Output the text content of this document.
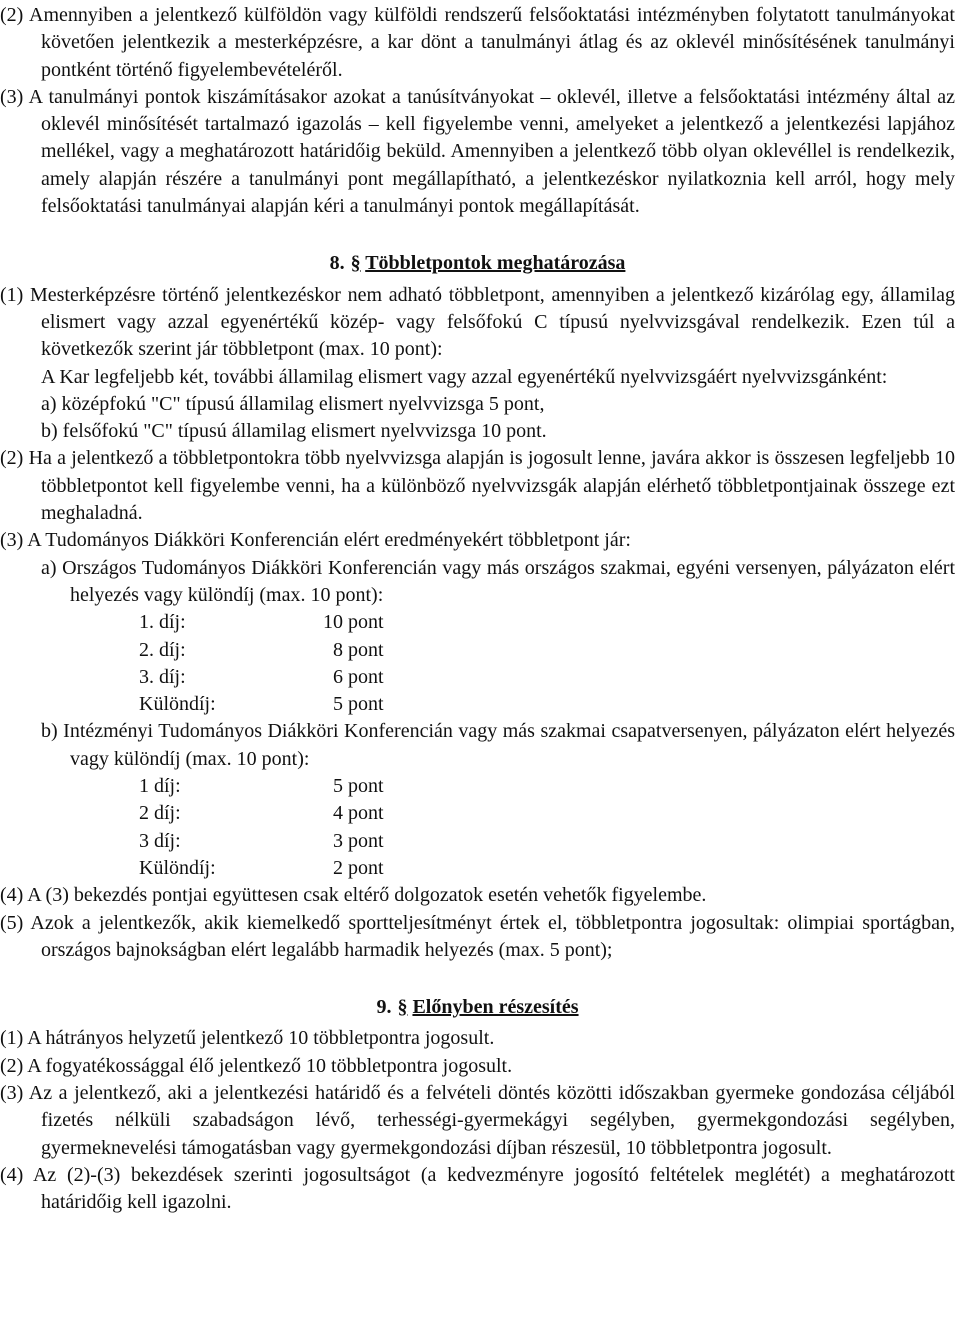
(2) Amennyiben a jelentkező külföldön vagy külföldi rendszerű felsőoktatási intézményben folytatott tanulmányokat követően jelentkezik a mesterképzésre, a kar dönt a tanulmányi átlag és az oklevél minősítésének tanulmányi pontként történő figyelembevételéről.

(3) A tanulmányi pontok kiszámításakor azokat a tanúsítványokat – oklevél, illetve a felsőoktatási intézmény által az oklevél minősítését tartalmazó igazolás – kell figyelembe venni, amelyeket a jelentkező a jelentkezési lapjához mellékel, vagy a meghatározott határidőig beküld. Amennyiben a jelentkező több olyan oklevéllel is rendelkezik, amely alapján részére a tanulmányi pont megállapítható, a jelentkezéskor nyilatkoznia kell arról, hogy mely felsőoktatási tanulmányai alapján kéri a tanulmányi pontok megállapítását.

8. § Többletpontok meghatározása

(1) Mesterképzésre történő jelentkezéskor nem adható többletpont, amennyiben a jelentkező kizárólag egy, államilag elismert vagy azzal egyenértékű közép- vagy felsőfokú C típusú nyelvvizsgával rendelkezik. Ezen túl a következők szerint jár többletpont (max. 10 pont):

A Kar legfeljebb két, további államilag elismert vagy azzal egyenértékű nyelvvizsgáért nyelvvizsgánként:

a) középfokú "C" típusú államilag elismert nyelvvizsga 5 pont,

b) felsőfokú "C" típusú államilag elismert nyelvvizsga 10 pont.

(2) Ha a jelentkező a többletpontokra több nyelvvizsga alapján is jogosult lenne, javára akkor is összesen legfeljebb 10 többletpontot kell figyelembe venni, ha a különböző nyelvvizsgák alapján elérhető többletpontjainak összege ezt meghaladná.

(3) A Tudományos Diákköri Konferencián elért eredményekért többletpont jár:

a) Országos Tudományos Diákköri Konferencián vagy más országos szakmai, egyéni versenyen, pályázaton elért helyezés vagy különdíj (max. 10 pont):

1. díj:	10 pont
2. díj:	8 pont
3. díj:	6 pont
Különdíj:	5 pont

b) Intézményi Tudományos Diákköri Konferencián vagy más szakmai csapatversenyen, pályázaton elért helyezés vagy különdíj (max. 10 pont):

1 díj:	5 pont
2 díj:	4 pont
3 díj:	3 pont
Különdíj:	2 pont

(4) A (3) bekezdés pontjai együttesen csak eltérő dolgozatok esetén vehetők figyelembe.

(5) Azok a jelentkezők, akik kiemelkedő sportteljesítményt értek el, többletpontra jogosultak: olimpiai sportágban, országos bajnokságban elért legalább harmadik helyezés (max. 5 pont);

9. § Előnyben részesítés

(1) A hátrányos helyzetű jelentkező 10 többletpontra jogosult.

(2) A fogyatékossággal élő jelentkező 10 többletpontra jogosult.

(3) Az a jelentkező, aki a jelentkezési határidő és a felvételi döntés közötti időszakban gyermeke gondozása céljából fizetés nélküli szabadságon lévő, terhességi-gyermekágyi segélyben, gyermekgondozási segélyben, gyermeknevelési támogatásban vagy gyermekgondozási díjban részesül, 10 többletpontra jogosult.

(4) Az (2)-(3) bekezdések szerinti jogosultságot (a kedvezményre jogosító feltételek meglétét) a meghatározott határidőig kell igazolni.
